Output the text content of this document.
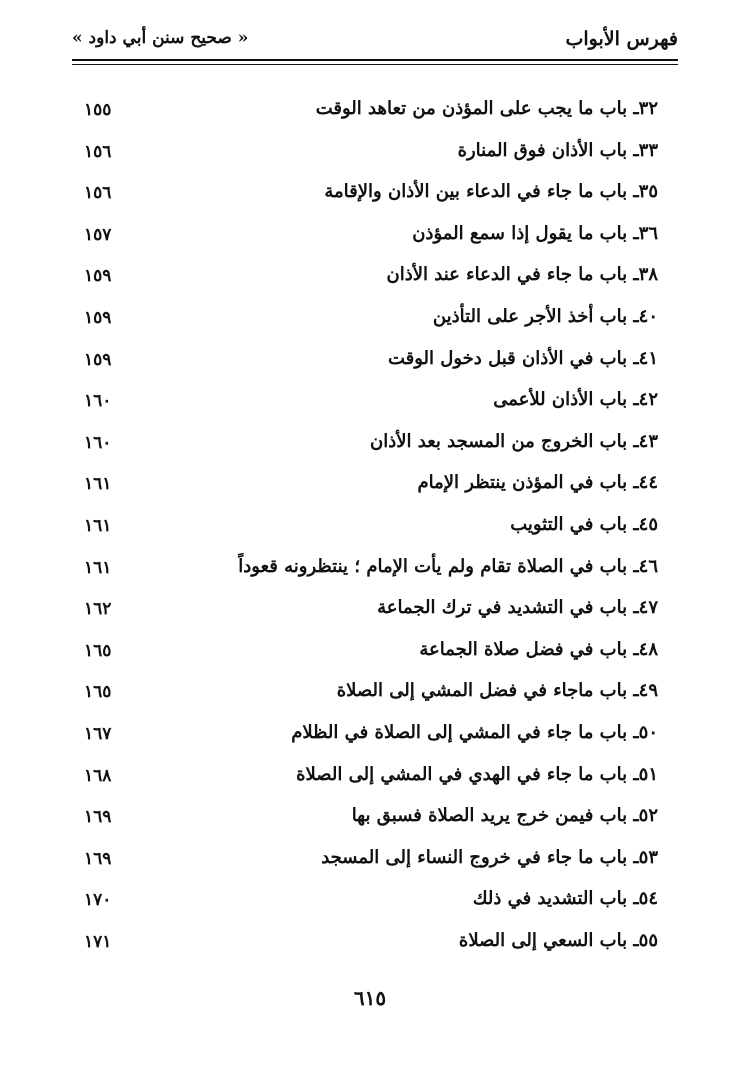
فهرس الأبواب
« صحيح سنن أبي داود »
٣٢ـ باب ما يجب على المؤذن من تعاهد الوقت
١٥٥
٣٣ـ باب الأذان فوق المنارة
١٥٦
٣٥ـ باب ما جاء في الدعاء بين الأذان والإقامة
١٥٦
٣٦ـ باب ما يقول إذا سمع المؤذن
١٥٧
٣٨ـ باب ما جاء في الدعاء عند الأذان
١٥٩
٤٠ـ باب أخذ الأجر على التأذين
١٥٩
٤١ـ باب في الأذان قبل دخول الوقت
١٥٩
٤٢ـ باب الأذان للأعمى
١٦٠
٤٣ـ باب الخروج من المسجد بعد الأذان
١٦٠
٤٤ـ باب في المؤذن ينتظر الإمام
١٦١
٤٥ـ باب في التثويب
١٦١
٤٦ـ باب في الصلاة تقام ولم يأت الإمام ؛ ينتظرونه قعوداً
١٦١
٤٧ـ باب في التشديد في ترك الجماعة
١٦٢
٤٨ـ باب في فضل صلاة الجماعة
١٦٥
٤٩ـ باب ماجاء في فضل المشي إلى الصلاة
١٦٥
٥٠ـ باب ما جاء في المشي إلى الصلاة في الظلام
١٦٧
٥١ـ باب ما جاء في الهدي في المشي إلى الصلاة
١٦٨
٥٢ـ باب فيمن خرج يريد الصلاة فسبق بها
١٦٩
٥٣ـ باب ما جاء في خروج النساء إلى المسجد
١٦٩
٥٤ـ باب التشديد في ذلك
١٧٠
٥٥ـ باب السعي إلى الصلاة
١٧١
٦١٥
